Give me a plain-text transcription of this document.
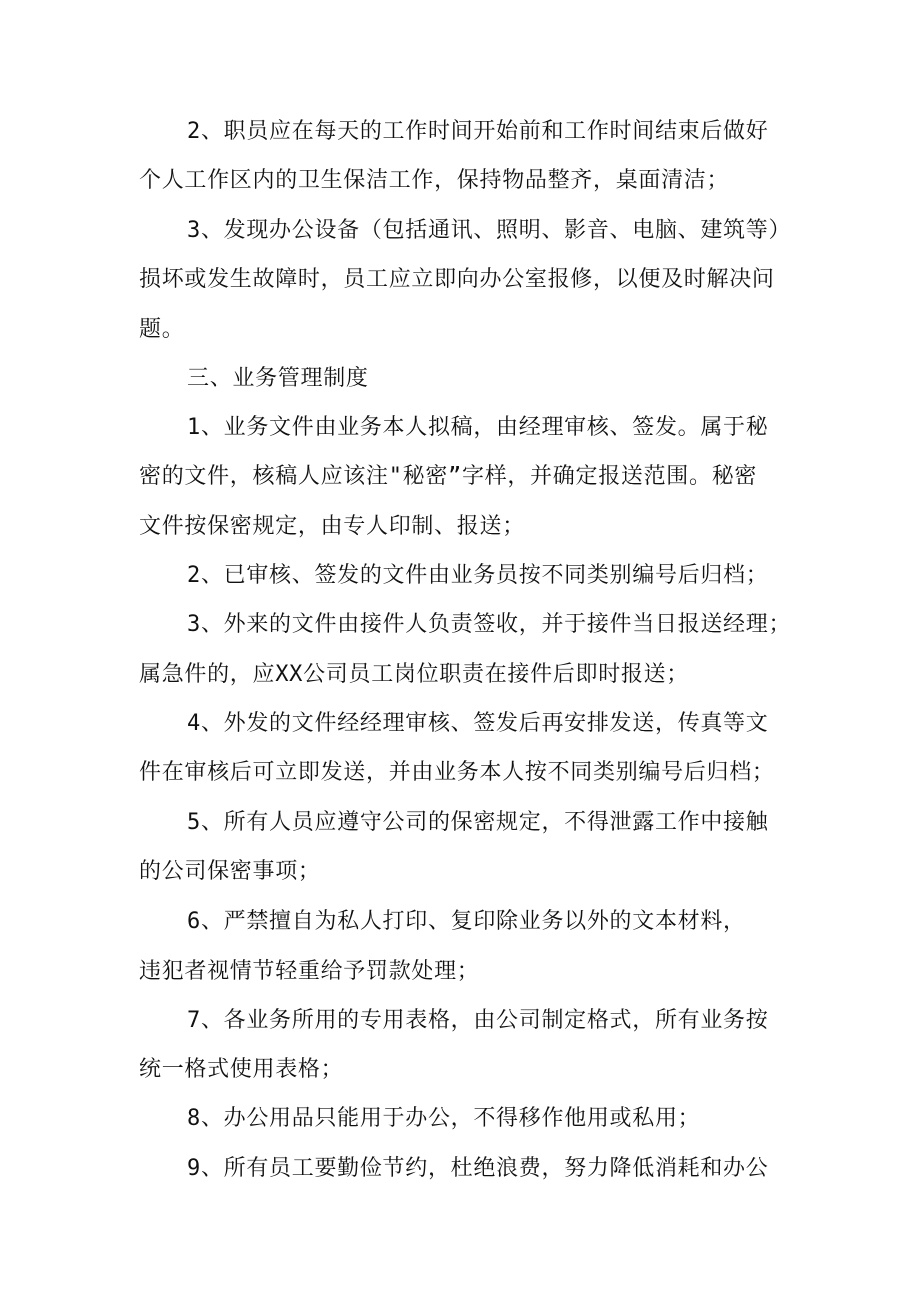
2、职员应在每天的工作时间开始前和工作时间结束后做好

个人工作区内的卫生保洁工作，保持物品整齐，桌面清洁；

3、发现办公设备（包括通讯、照明、影音、电脑、建筑等）

损坏或发生故障时，员工应立即向办公室报修，以便及时解决问

题。

三、业务管理制度

1、业务文件由业务本人拟稿，由经理审核、签发。属于秘

密的文件，核稿人应该注"秘密”字样，并确定报送范围。秘密

文件按保密规定，由专人印制、报送；

2、已审核、签发的文件由业务员按不同类别编号后归档；

3、外来的文件由接件人负责签收，并于接件当日报送经理；

属急件的，应XX公司员工岗位职责在接件后即时报送；

4、外发的文件经经理审核、签发后再安排发送，传真等文

件在审核后可立即发送，并由业务本人按不同类别编号后归档；

5、所有人员应遵守公司的保密规定，不得泄露工作中接触

的公司保密事项；

6、严禁擅自为私人打印、复印除业务以外的文本材料，

违犯者视情节轻重给予罚款处理；

7、各业务所用的专用表格，由公司制定格式，所有业务按

统一格式使用表格；

8、办公用品只能用于办公，不得移作他用或私用；

9、所有员工要勤俭节约，杜绝浪费，努力降低消耗和办公
